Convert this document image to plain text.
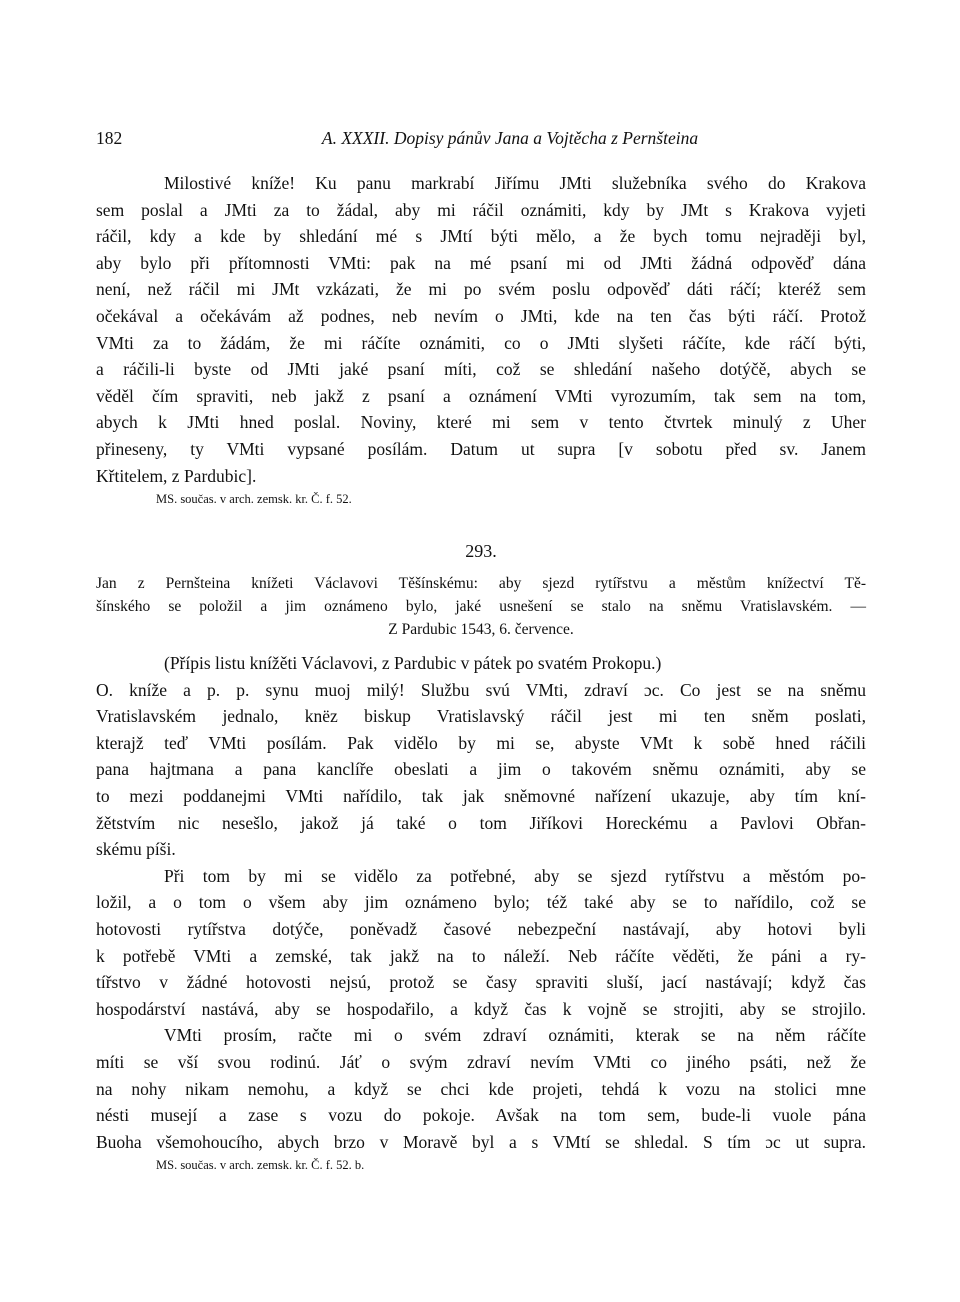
182	A. XXXII. Dopisy pánův Jana a Vojtěcha z Pernšteina

Milostivé kníže! Ku panu markrabí Jiřímu JMti služebníka svého do Krakova

sem poslal a JMti za to žádal, aby mi ráčil oznámiti, kdy by JMt s Krakova vyjeti

ráčil, kdy a kde by shledání mé s JMtí býti mělo, a že bych tomu nejraději byl,

aby bylo při přítomnosti VMti: pak na mé psaní mi od JMti žádná odpověď dána

není, než ráčil mi JMt vzkázati, že mi po svém poslu odpověď dáti ráčí; kteréž sem

očekával a očekávám až podnes, neb nevím o JMti, kde na ten čas býti ráčí. Protož

VMti za to žádám, že mi ráčíte oznámiti, co o JMti slyšeti ráčíte, kde ráčí býti,

a ráčili-li byste od JMti jaké psaní míti, což se shledání našeho dotýčě, abych se

věděl čím spraviti, neb jakž z psaní a oznámení VMti vyrozumím, tak sem na tom,

abych k JMti hned poslal. Noviny, které mi sem v tento čtvrtek minulý z Uher

přineseny, ty VMti vypsané posílám. Datum ut supra [v sobotu před sv. Janem

Křtitelem, z Pardubic].

MS. součas. v arch. zemsk. kr. Č. f. 52.

293.

Jan z Pernšteina knížeti Václavovi Těšínskému: aby sjezd rytířstvu a městům knížectví Tě-

šínského se položil a jim oznámeno bylo, jaké usnešení se stalo na sněmu Vratislavském. —

Z Pardubic 1543, 6. července.

(Přípis listu knížěti Václavovi, z Pardubic v pátek po svatém Prokopu.)

O. kníže a p. p. synu muoj milý! Službu svú VMti, zdraví ɔc. Co jest se na sněmu

Vratislavském jednalo, knëz biskup Vratislavský ráčil jest mi ten sněm poslati,

kterajž teď VMti posílám. Pak vidělo by mi se, abyste VMt k sobě hned ráčili

pana hajtmana a pana kanclíře obeslati a jim o takovém sněmu oznámiti, aby se

to mezi poddanejmi VMti nařídilo, tak jak sněmovné nařízení ukazuje, aby tím kní-

žětstvím nic nesešlo, jakož já také o tom Jiříkovi Horeckému a Pavlovi Obřan-

skému píši.

Při tom by mi se vidělo za potřebné, aby se sjezd rytířstvu a městóm po-

ložil, a o tom o všem aby jim oznámeno bylo; též také aby se to nařídilo, což se

hotovosti rytířstva dotýče, poněvadž časové nebezpeční nastávají, aby hotovi byli

k potřebě VMti a zemské, tak jakž na to náleží. Neb ráčíte věděti, že páni a ry-

tířstvo v žádné hotovosti nejsú, protož se časy spraviti sluší, jací nastávají; když čas

hospodárství nastává, aby se hospodařilo, a když čas k vojně se strojiti, aby se strojilo.

VMti prosím, račte mi o svém zdraví oznámiti, kterak se na něm ráčíte

míti se vší svou rodinú. Jáť o svým zdraví nevím VMti co jiného psáti, než že

na nohy nikam nemohu, a když se chci kde projeti, tehdá k vozu na stolici mne

nésti musejí a zase s vozu do pokoje. Avšak na tom sem, bude-li vuole pána

Buoha všemohoucího, abych brzo v Moravě byl a s VMtí se shledal. S tím ɔc ut supra.

MS. součas. v arch. zemsk. kr. Č. f. 52. b.
